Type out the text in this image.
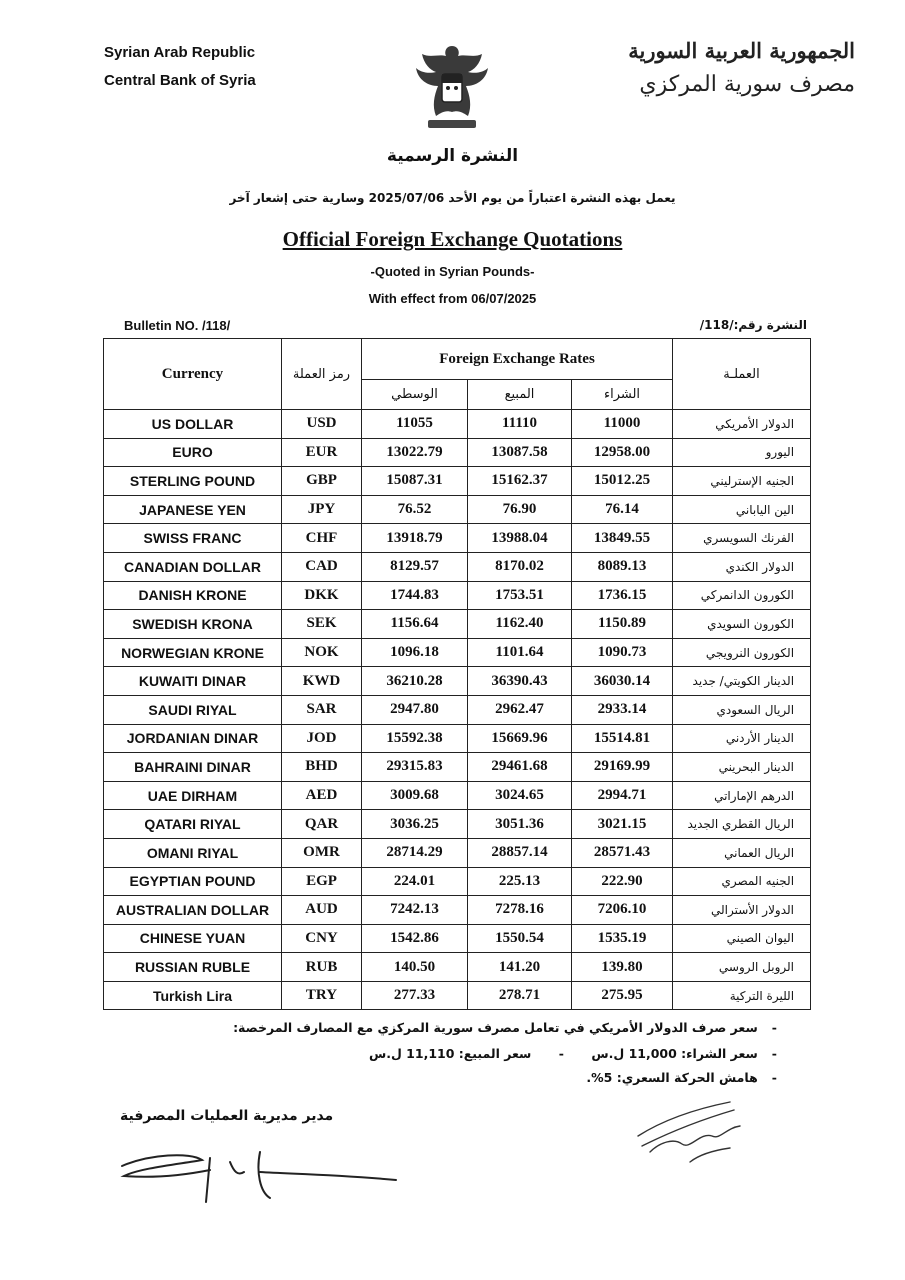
Syrian Arab Republic
Central Bank of Syria
الجمهورية العربية السورية
مصرف سورية المركزي
النشرة الرسمية
يعمل بهذه النشرة اعتباراً من يوم الأحد 2025/07/06 وسارية حتى إشعار آخر
Official Foreign Exchange Quotations
-Quoted in Syrian Pounds-
With effect from 06/07/2025
Bulletin NO. /118/	النشرة رقم:/118/
Currency	رمز العملة	Foreign Exchange Rates			العملـة
		الوسطي	المبيع	الشراء	
US DOLLAR	USD	11055	11110	11000	الدولار الأمريكي
EURO	EUR	13022.79	13087.58	12958.00	اليورو
STERLING POUND	GBP	15087.31	15162.37	15012.25	الجنيه الإسترليني
JAPANESE YEN	JPY	76.52	76.90	76.14	الين الياباني
SWISS FRANC	CHF	13918.79	13988.04	13849.55	الفرنك السويسري
CANADIAN DOLLAR	CAD	8129.57	8170.02	8089.13	الدولار الكندي
DANISH KRONE	DKK	1744.83	1753.51	1736.15	الكورون الدانمركي
SWEDISH KRONA	SEK	1156.64	1162.40	1150.89	الكورون السويدي
NORWEGIAN KRONE	NOK	1096.18	1101.64	1090.73	الكورون النرويجي
KUWAITI DINAR	KWD	36210.28	36390.43	36030.14	الدينار الكويتي/ جديد
SAUDI RIYAL	SAR	2947.80	2962.47	2933.14	الريال السعودي
JORDANIAN DINAR	JOD	15592.38	15669.96	15514.81	الدينار الأردني
BAHRAINI DINAR	BHD	29315.83	29461.68	29169.99	الدينار البحريني
UAE DIRHAM	AED	3009.68	3024.65	2994.71	الدرهم الإماراتي
QATARI RIYAL	QAR	3036.25	3051.36	3021.15	الريال القطري الجديد
OMANI RIYAL	OMR	28714.29	28857.14	28571.43	الريال العماني
EGYPTIAN POUND	EGP	224.01	225.13	222.90	الجنيه المصري
AUSTRALIAN DOLLAR	AUD	7242.13	7278.16	7206.10	الدولار الأسترالي
CHINESE YUAN	CNY	1542.86	1550.54	1535.19	اليوان الصيني
RUSSIAN RUBLE	RUB	140.50	141.20	139.80	الروبل الروسي
Turkish Lira	TRY	277.33	278.71	275.95	الليرة التركية
-سعر صرف الدولار الأمريكي في تعامل مصرف سورية المركزي مع المصارف المرخصة:
-سعر الشراء: 11,000 ل.س-سعر المبيع: 11,110 ل.س
-هامش الحركة السعري: 5%.
مدير مديرية العمليات المصرفية
